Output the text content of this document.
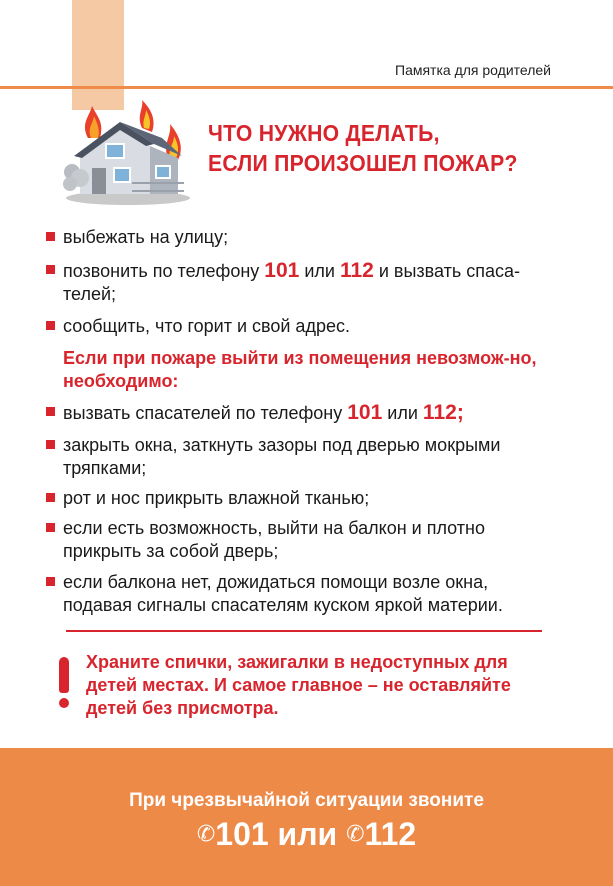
Памятка для родителей
ЧТО НУЖНО ДЕЛАТЬ,
ЕСЛИ ПРОИЗОШЕЛ ПОЖАР?
выбежать на улицу;
позвонить по телефону 101 или 112 и вызвать спаса-телей;
сообщить, что горит и свой адрес.
Если при пожаре выйти из помещения невозмож-но, необходимо:
вызвать спасателей по телефону 101 или 112;
закрыть окна, заткнуть зазоры под дверью мокрыми тряпками;
рот и нос прикрыть влажной тканью;
если есть возможность, выйти на балкон и плотно прикрыть за собой дверь;
если балкона нет, дожидаться помощи возле окна, подавая сигналы спасателям куском яркой материи.
Храните спички, зажигалки в недоступных для детей местах. И самое главное – не оставляйте детей без присмотра.
При чрезвычайной ситуации звоните
✆101 или ✆112
